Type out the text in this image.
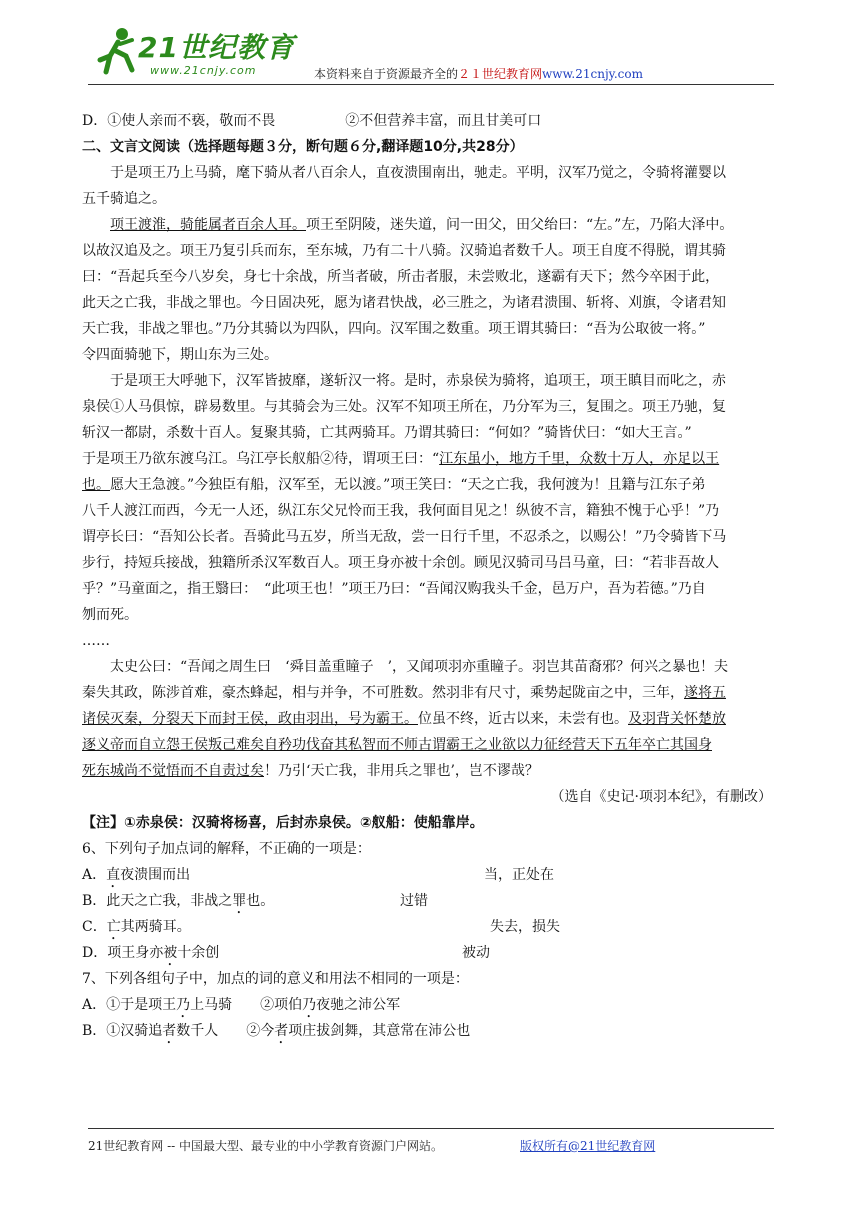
21世纪教育
www.21cnjy.com	本资料来自于资源最齐全的２１世纪教育网www.21cnjy.com
D．①使人亲而不亵，敬而不畏　　　　　②不但营养丰富，而且甘美可口
二、文言文阅读（选择题每题３分，断句题６分,翻译题10分,共28分）
于是项王乃上马骑，麾下骑从者八百余人，直夜溃围南出，驰走。平明，汉军乃觉之，令骑将灌婴以
五千骑追之。
项王渡淮，骑能属者百余人耳。项王至阴陵，迷失道，问一田父，田父绐曰：“左。”左，乃陷大泽中。
以故汉追及之。项王乃复引兵而东，至东城，乃有二十八骑。汉骑追者数千人。项王自度不得脱，谓其骑
曰：“吾起兵至今八岁矣，身七十余战，所当者破，所击者服，未尝败北，遂霸有天下；然今卒困于此，
此天之亡我，非战之罪也。今日固决死，愿为诸君快战，必三胜之，为诸君溃围、斩将、刈旗，令诸君知
天亡我，非战之罪也。”乃分其骑以为四队，四向。汉军围之数重。项王谓其骑曰：“吾为公取彼一将。”
令四面骑驰下，期山东为三处。
于是项王大呼驰下，汉军皆披靡，遂斩汉一将。是时，赤泉侯为骑将，追项王，项王瞋目而叱之，赤
泉侯①人马俱惊，辟易数里。与其骑会为三处。汉军不知项王所在，乃分军为三，复围之。项王乃驰，复
斩汉一都尉，杀数十百人。复聚其骑，亡其两骑耳。乃谓其骑曰：“何如？”骑皆伏曰：“如大王言。”
于是项王乃欲东渡乌江。乌江亭长舣船②待，谓项王曰：“江东虽小，地方千里，众数十万人，亦足以王
也。愿大王急渡。”今独臣有船，汉军至，无以渡。”项王笑曰：“天之亡我，我何渡为！且籍与江东子弟
八千人渡江而西，今无一人还，纵江东父兄怜而王我，我何面目见之！纵彼不言，籍独不愧于心乎！”乃
谓亭长曰：“吾知公长者。吾骑此马五岁，所当无敌，尝一日行千里，不忍杀之，以赐公！”乃令骑皆下马
步行，持短兵接战，独籍所杀汉军数百人。项王身亦被十余创。顾见汉骑司马吕马童，曰：“若非吾故人
乎？”马童面之，指王翳曰：　“此项王也！”项王乃曰：“吾闻汉购我头千金，邑万户，吾为若德。”乃自
刎而死。
……
太史公曰：“吾闻之周生曰　‘舜目盖重瞳子　’，又闻项羽亦重瞳子。羽岂其苗裔邪？何兴之暴也！夫
秦失其政，陈涉首难，豪杰蜂起，相与并争，不可胜数。然羽非有尺寸，乘势起陇亩之中，三年，遂将五
诸侯灭秦，分裂天下而封王侯，政由羽出，号为霸王。位虽不终，近古以来，未尝有也。及羽背关怀楚放
逐义帝而自立怨王侯叛己难矣自矜功伐奋其私智而不师古谓霸王之业欲以力征经营天下五年卒亡其国身
死东城尚不觉悟而不自责过矣！乃引‘天亡我，非用兵之罪也’，岂不谬哉？
（选自《史记·项羽本纪》，有删改）
【注】①赤泉侯：汉骑将杨喜，后封赤泉侯。②舣船：使船靠岸。
6、下列句子加点词的解释，不正确的一项是：
A．直夜溃围而出	当，正处在
B．此天之亡我，非战之罪也。	过错
C．亡其两骑耳。	失去，损失
D．项王身亦被十余创	被动
7、下列各组句子中，加点的词的意义和用法不相同的一项是：
A．①于是项王乃上马骑　　②项伯乃夜驰之沛公军
B．①汉骑追者数千人　　②今者项庄拔剑舞，其意常在沛公也
21世纪教育网 -- 中国最大型、最专业的中小学教育资源门户网站。	版权所有@21世纪教育网
